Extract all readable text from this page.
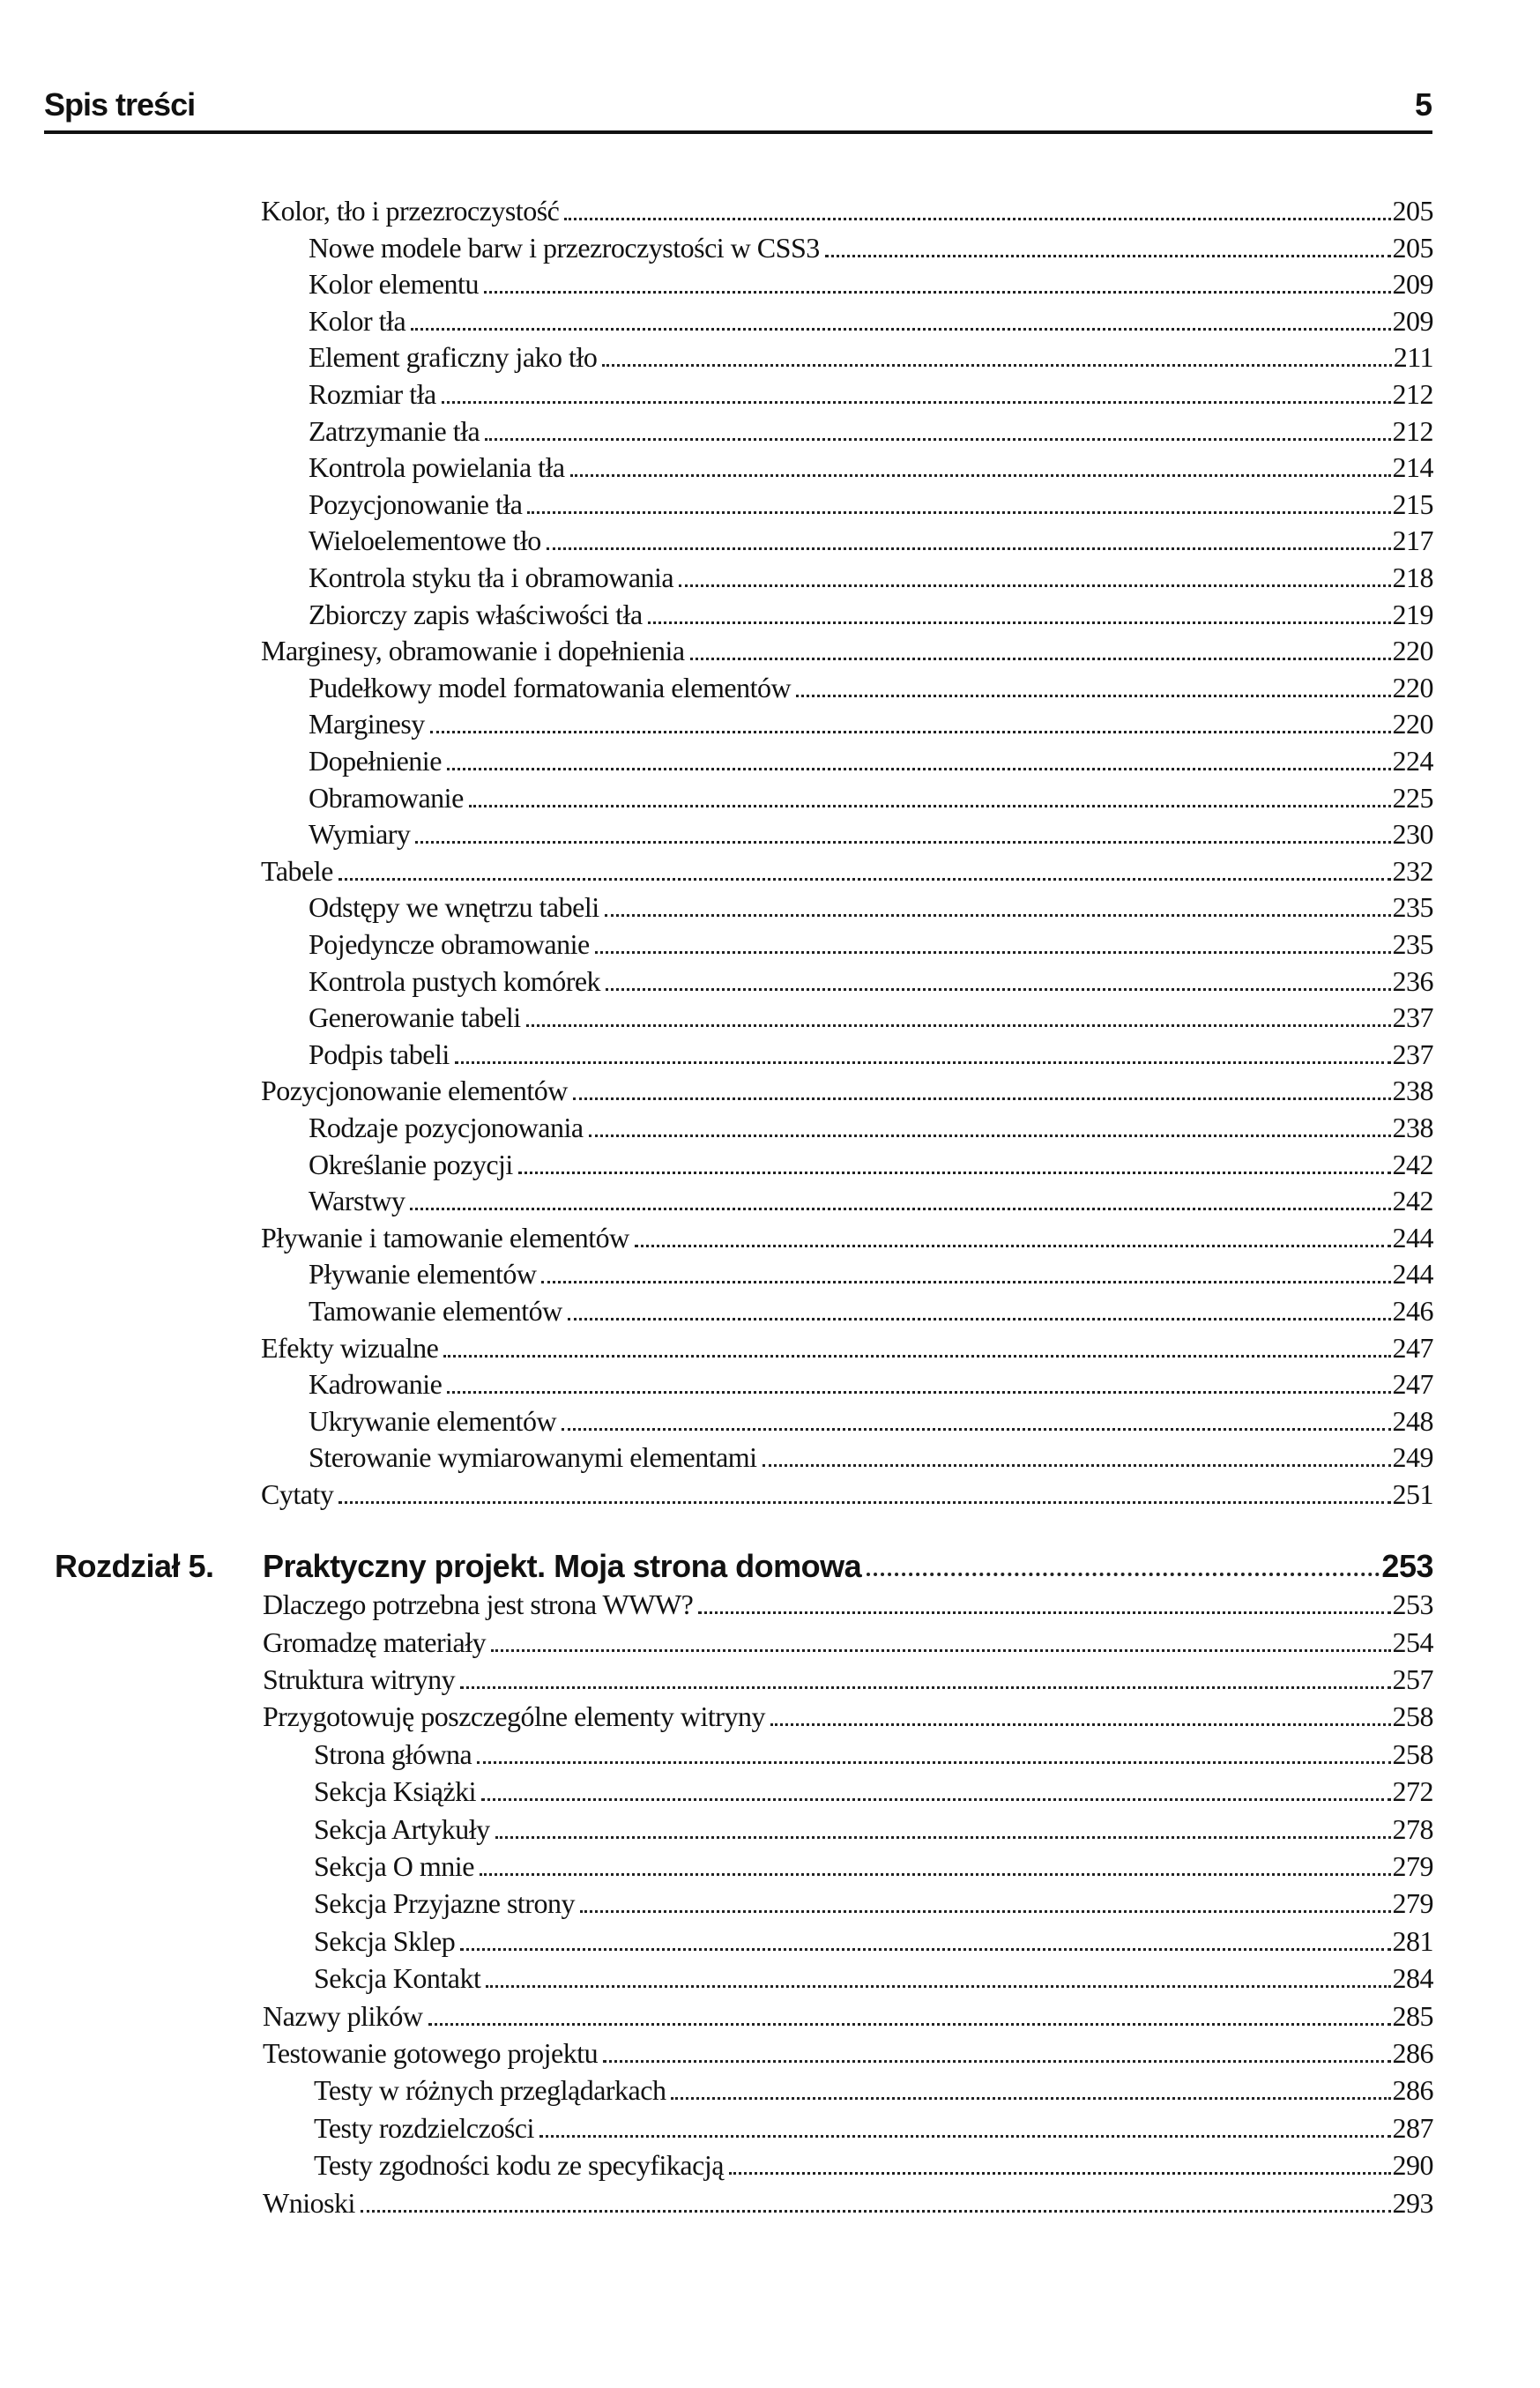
Spis treści	5
Kolor, tło i przezroczystość	205
Nowe modele barw i przezroczystości w CSS3	205
Kolor elementu	209
Kolor tła	209
Element graficzny jako tło	211
Rozmiar tła	212
Zatrzymanie tła	212
Kontrola powielania tła	214
Pozycjonowanie tła	215
Wieloelementowe tło	217
Kontrola styku tła i obramowania	218
Zbiorczy zapis właściwości tła	219
Marginesy, obramowanie i dopełnienia	220
Pudełkowy model formatowania elementów	220
Marginesy	220
Dopełnienie	224
Obramowanie	225
Wymiary	230
Tabele	232
Odstępy we wnętrzu tabeli	235
Pojedyncze obramowanie	235
Kontrola pustych komórek	236
Generowanie tabeli	237
Podpis tabeli	237
Pozycjonowanie elementów	238
Rodzaje pozycjonowania	238
Określanie pozycji	242
Warstwy	242
Pływanie i tamowanie elementów	244
Pływanie elementów	244
Tamowanie elementów	246
Efekty wizualne	247
Kadrowanie	247
Ukrywanie elementów	248
Sterowanie wymiarowanymi elementami	249
Cytaty	251
Rozdział 5. Praktyczny projekt. Moja strona domowa	253
Dlaczego potrzebna jest strona WWW?	253
Gromadzę materiały	254
Struktura witryny	257
Przygotowuję poszczególne elementy witryny	258
Strona główna	258
Sekcja Książki	272
Sekcja Artykuły	278
Sekcja O mnie	279
Sekcja Przyjazne strony	279
Sekcja Sklep	281
Sekcja Kontakt	284
Nazwy plików	285
Testowanie gotowego projektu	286
Testy w różnych przeglądarkach	286
Testy rozdzielczości	287
Testy zgodności kodu ze specyfikacją	290
Wnioski	293
